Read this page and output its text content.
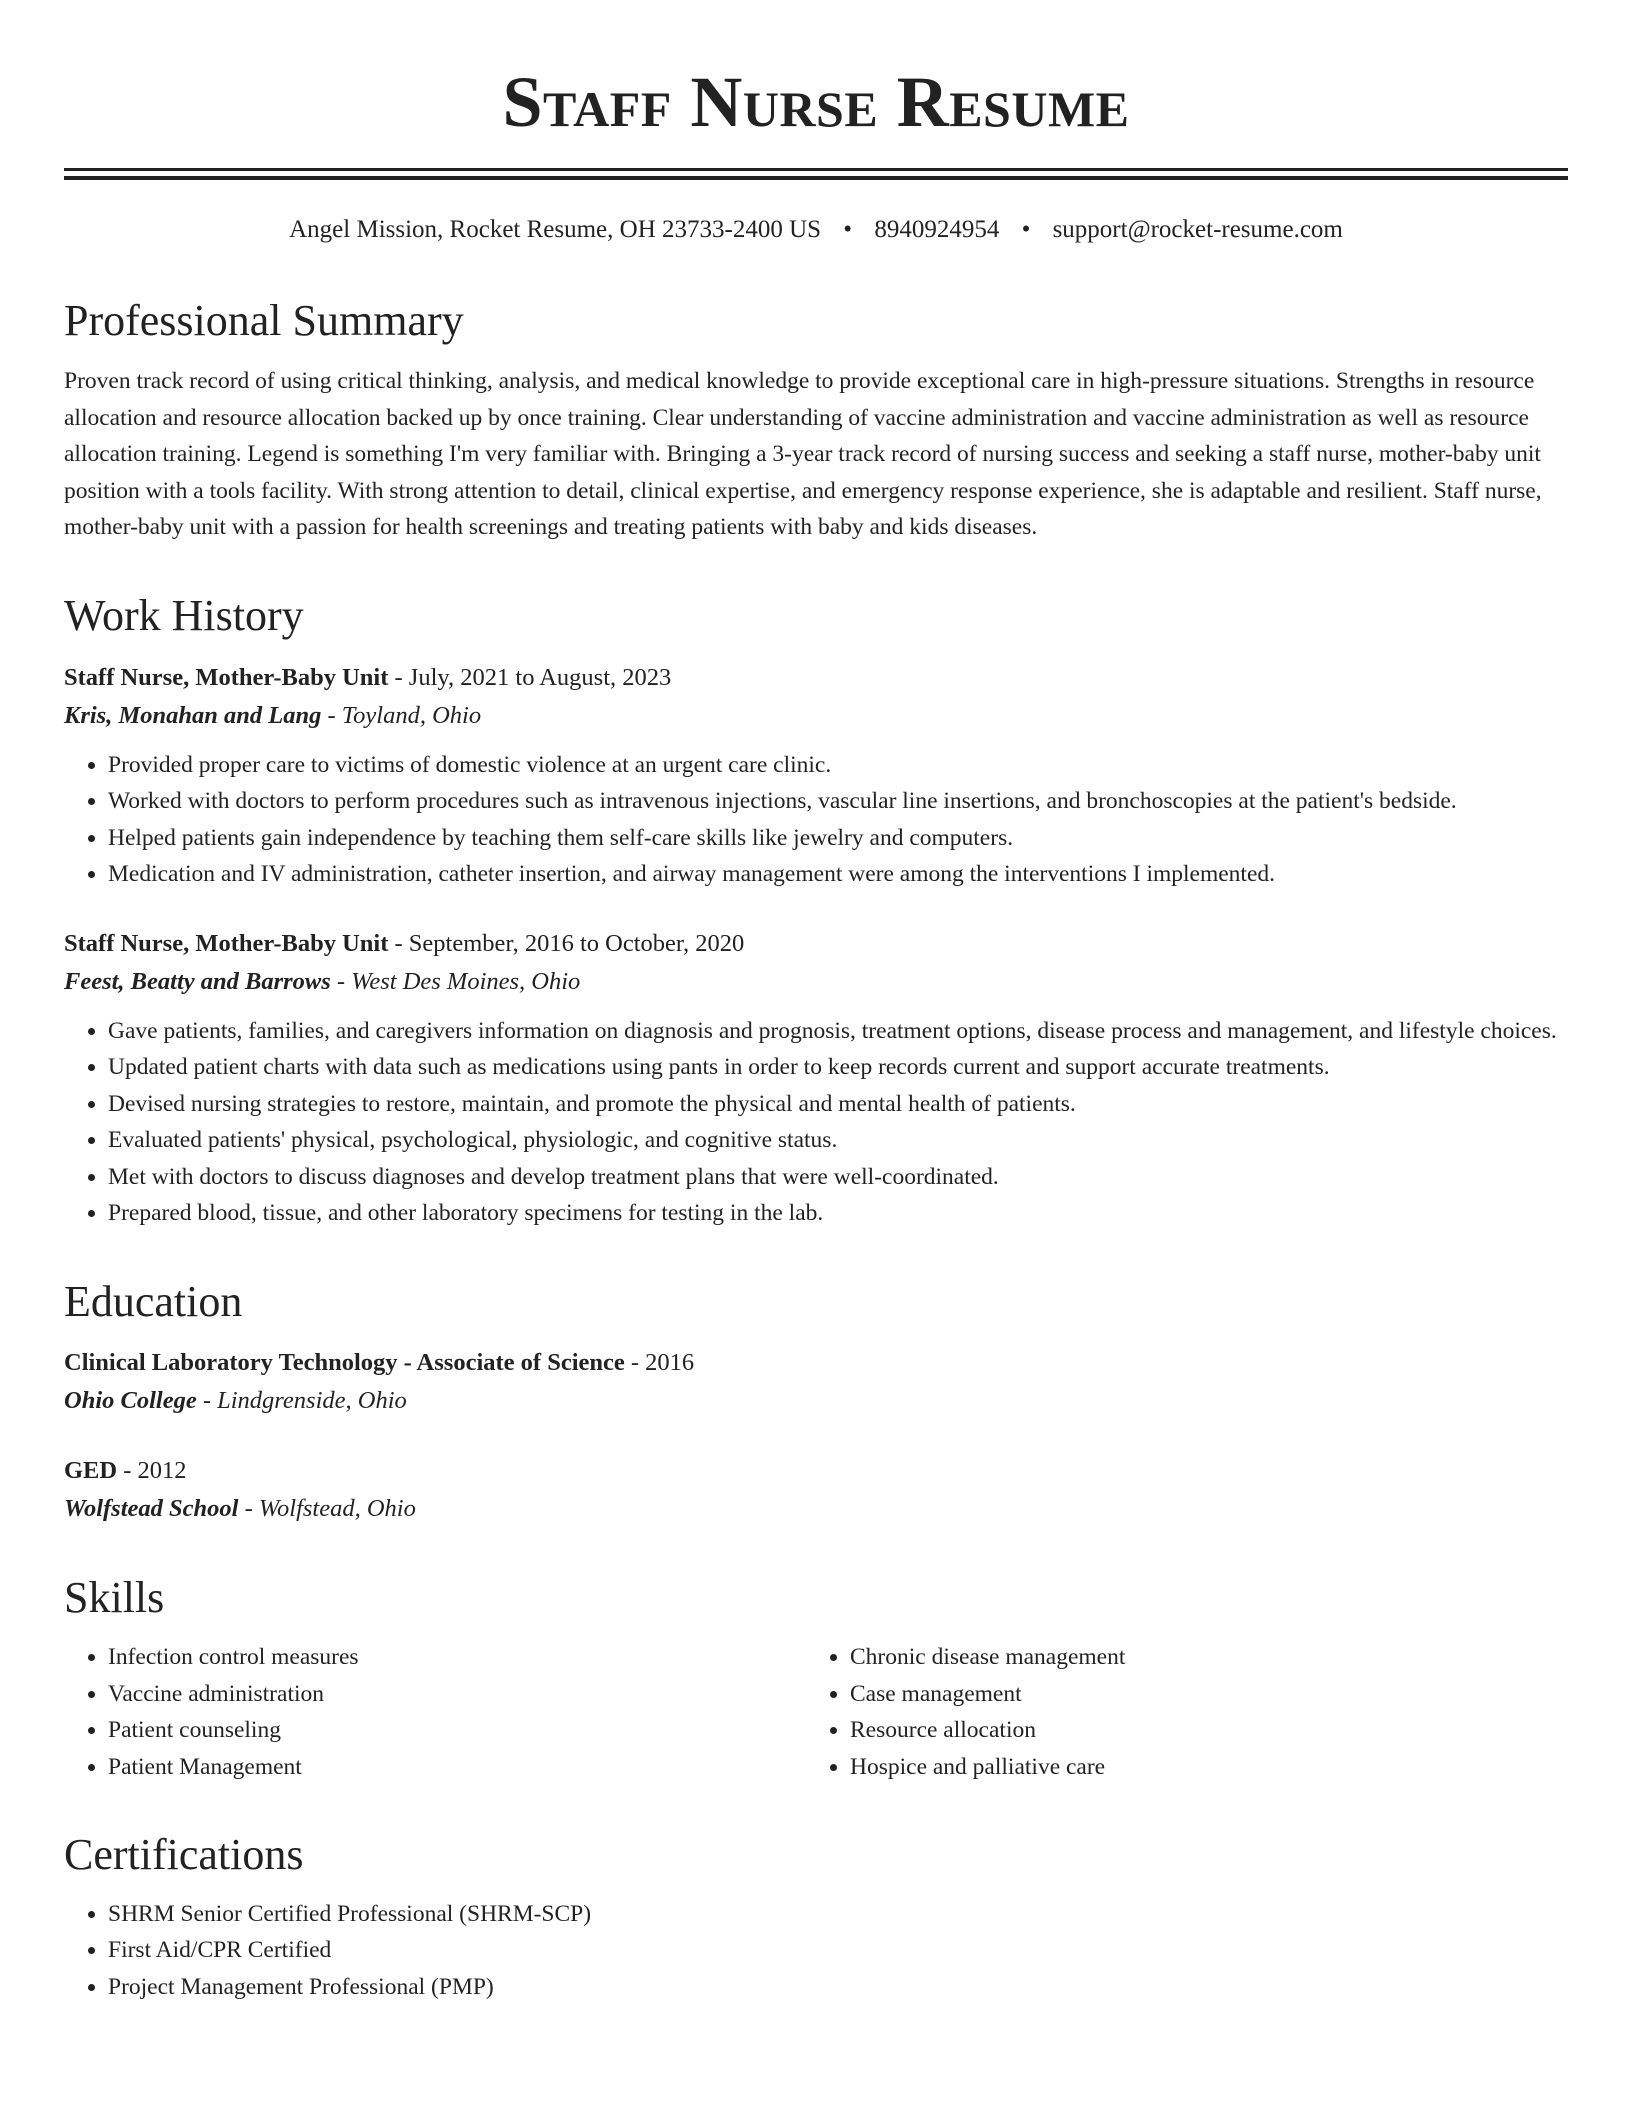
Staff Nurse Resume
Angel Mission, Rocket Resume, OH 23733-2400 US • 8940924954 • support@rocket-resume.com
Professional Summary
Proven track record of using critical thinking, analysis, and medical knowledge to provide exceptional care in high-pressure situations. Strengths in resource allocation and resource allocation backed up by once training. Clear understanding of vaccine administration and vaccine administration as well as resource allocation training. Legend is something I'm very familiar with. Bringing a 3-year track record of nursing success and seeking a staff nurse, mother-baby unit position with a tools facility. With strong attention to detail, clinical expertise, and emergency response experience, she is adaptable and resilient. Staff nurse, mother-baby unit with a passion for health screenings and treating patients with baby and kids diseases.
Work History
Staff Nurse, Mother-Baby Unit - July, 2021 to August, 2023
Kris, Monahan and Lang - Toyland, Ohio
• Provided proper care to victims of domestic violence at an urgent care clinic.
• Worked with doctors to perform procedures such as intravenous injections, vascular line insertions, and bronchoscopies at the patient's bedside.
• Helped patients gain independence by teaching them self-care skills like jewelry and computers.
• Medication and IV administration, catheter insertion, and airway management were among the interventions I implemented.
Staff Nurse, Mother-Baby Unit - September, 2016 to October, 2020
Feest, Beatty and Barrows - West Des Moines, Ohio
• Gave patients, families, and caregivers information on diagnosis and prognosis, treatment options, disease process and management, and lifestyle choices.
• Updated patient charts with data such as medications using pants in order to keep records current and support accurate treatments.
• Devised nursing strategies to restore, maintain, and promote the physical and mental health of patients.
• Evaluated patients' physical, psychological, physiologic, and cognitive status.
• Met with doctors to discuss diagnoses and develop treatment plans that were well-coordinated.
• Prepared blood, tissue, and other laboratory specimens for testing in the lab.
Education
Clinical Laboratory Technology - Associate of Science - 2016
Ohio College - Lindgrenside, Ohio
GED - 2012
Wolfstead School - Wolfstead, Ohio
Skills
• Infection control measures
• Vaccine administration
• Patient counseling
• Patient Management
• Chronic disease management
• Case management
• Resource allocation
• Hospice and palliative care
Certifications
• SHRM Senior Certified Professional (SHRM-SCP)
• First Aid/CPR Certified
• Project Management Professional (PMP)
